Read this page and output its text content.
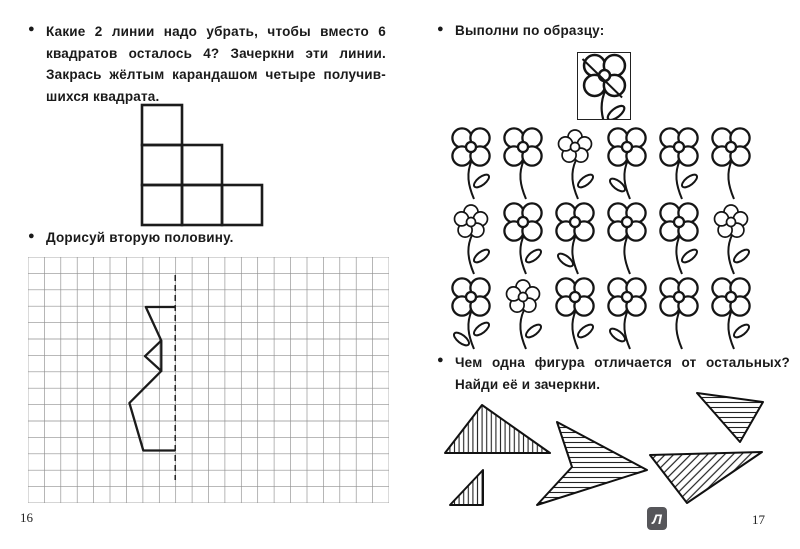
● Какие 2 линии надо убрать, чтобы вместо 6
квадратов осталось 4? Зачеркни эти линии.
Закрась жёлтым карандашом четыре получив-
шихся квадрата.
● Дорисуй вторую половину.
16
● Выполни по образцу:
● Чем одна фигура отличается от остальных?
Найди её и зачеркни.
Л	17
